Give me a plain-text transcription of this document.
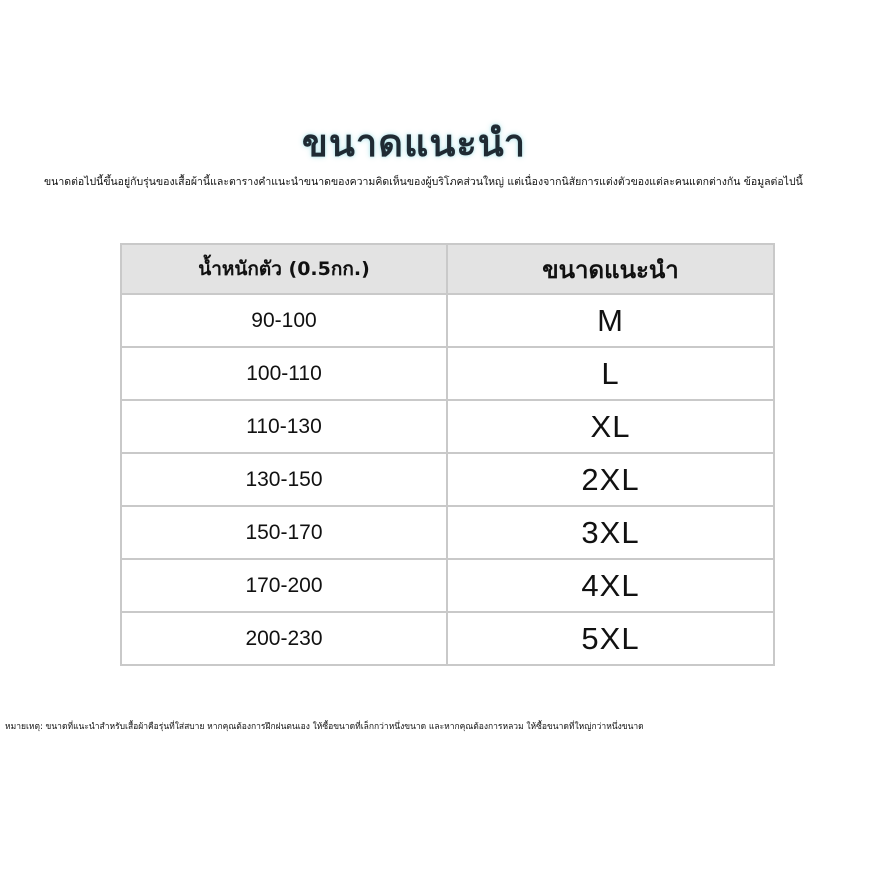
ขนาดแนะนำ
ขนาดต่อไปนี้ขึ้นอยู่กับรุ่นของเสื้อผ้านี้และตารางคำแนะนำขนาดของความคิดเห็นของผู้บริโภคส่วนใหญ่ แต่เนื่องจากนิสัยการแต่งตัวของแต่ละคนแตกต่างกัน ข้อมูลต่อไปนี้
น้ำหนักตัว (0.5กก.)	ขนาดแนะนำ
90-100	M
100-110	L
110-130	XL
130-150	2XL
150-170	3XL
170-200	4XL
200-230	5XL
หมายเหตุ: ขนาดที่แนะนำสำหรับเสื้อผ้าคือรุ่นที่ใส่สบาย หากคุณต้องการฝึกฝนตนเอง ให้ซื้อขนาดที่เล็กกว่าหนึ่งขนาด และหากคุณต้องการหลวม ให้ซื้อขนาดที่ใหญ่กว่าหนึ่งขนาด
